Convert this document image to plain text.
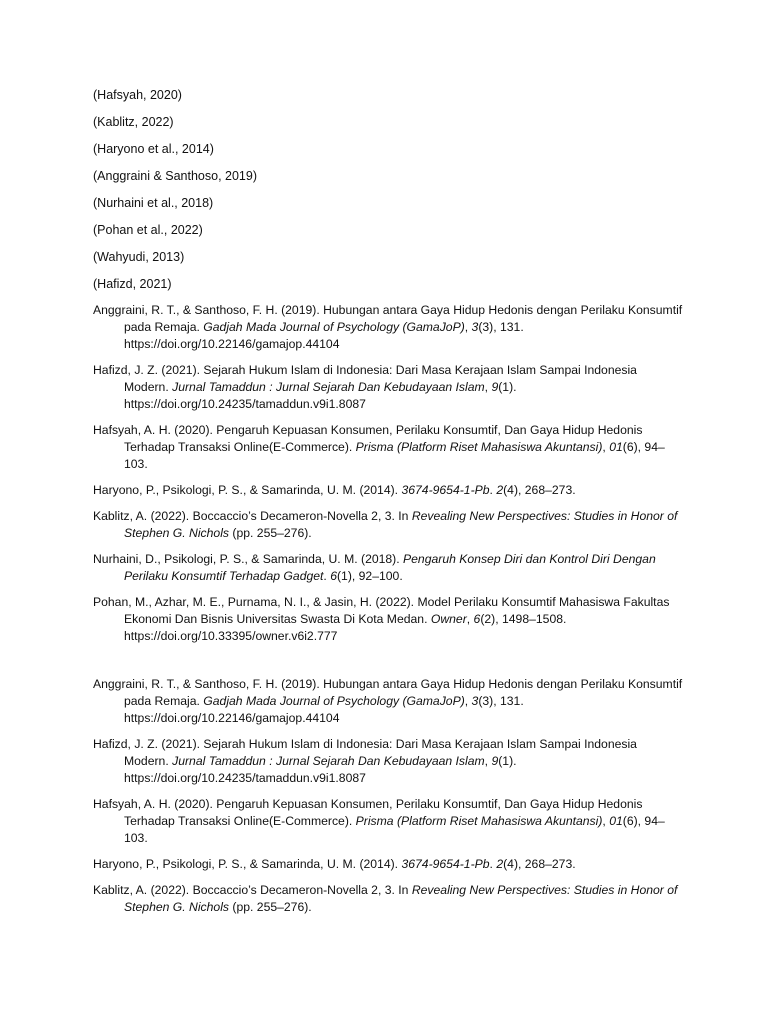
(Hafsyah, 2020)
(Kablitz, 2022)
(Haryono et al., 2014)
(Anggraini & Santhoso, 2019)
(Nurhaini et al., 2018)
(Pohan et al., 2022)
(Wahyudi, 2013)
(Hafizd, 2021)
Anggraini, R. T., & Santhoso, F. H. (2019). Hubungan antara Gaya Hidup Hedonis dengan Perilaku Konsumtif pada Remaja. Gadjah Mada Journal of Psychology (GamaJoP), 3(3), 131. https://doi.org/10.22146/gamajop.44104
Hafizd, J. Z. (2021). Sejarah Hukum Islam di Indonesia: Dari Masa Kerajaan Islam Sampai Indonesia Modern. Jurnal Tamaddun : Jurnal Sejarah Dan Kebudayaan Islam, 9(1). https://doi.org/10.24235/tamaddun.v9i1.8087
Hafsyah, A. H. (2020). Pengaruh Kepuasan Konsumen, Perilaku Konsumtif, Dan Gaya Hidup Hedonis Terhadap Transaksi Online(E-Commerce). Prisma (Platform Riset Mahasiswa Akuntansi), 01(6), 94–103.
Haryono, P., Psikologi, P. S., & Samarinda, U. M. (2014). 3674-9654-1-Pb. 2(4), 268–273.
Kablitz, A. (2022). Boccaccio’s Decameron-Novella 2, 3. In Revealing New Perspectives: Studies in Honor of Stephen G. Nichols (pp. 255–276).
Nurhaini, D., Psikologi, P. S., & Samarinda, U. M. (2018). Pengaruh Konsep Diri dan Kontrol Diri Dengan Perilaku Konsumtif Terhadap Gadget. 6(1), 92–100.
Pohan, M., Azhar, M. E., Purnama, N. I., & Jasin, H. (2022). Model Perilaku Konsumtif Mahasiswa Fakultas Ekonomi Dan Bisnis Universitas Swasta Di Kota Medan. Owner, 6(2), 1498–1508. https://doi.org/10.33395/owner.v6i2.777
Anggraini, R. T., & Santhoso, F. H. (2019). Hubungan antara Gaya Hidup Hedonis dengan Perilaku Konsumtif pada Remaja. Gadjah Mada Journal of Psychology (GamaJoP), 3(3), 131. https://doi.org/10.22146/gamajop.44104
Hafizd, J. Z. (2021). Sejarah Hukum Islam di Indonesia: Dari Masa Kerajaan Islam Sampai Indonesia Modern. Jurnal Tamaddun : Jurnal Sejarah Dan Kebudayaan Islam, 9(1). https://doi.org/10.24235/tamaddun.v9i1.8087
Hafsyah, A. H. (2020). Pengaruh Kepuasan Konsumen, Perilaku Konsumtif, Dan Gaya Hidup Hedonis Terhadap Transaksi Online(E-Commerce). Prisma (Platform Riset Mahasiswa Akuntansi), 01(6), 94–103.
Haryono, P., Psikologi, P. S., & Samarinda, U. M. (2014). 3674-9654-1-Pb. 2(4), 268–273.
Kablitz, A. (2022). Boccaccio’s Decameron-Novella 2, 3. In Revealing New Perspectives: Studies in Honor of Stephen G. Nichols (pp. 255–276).
